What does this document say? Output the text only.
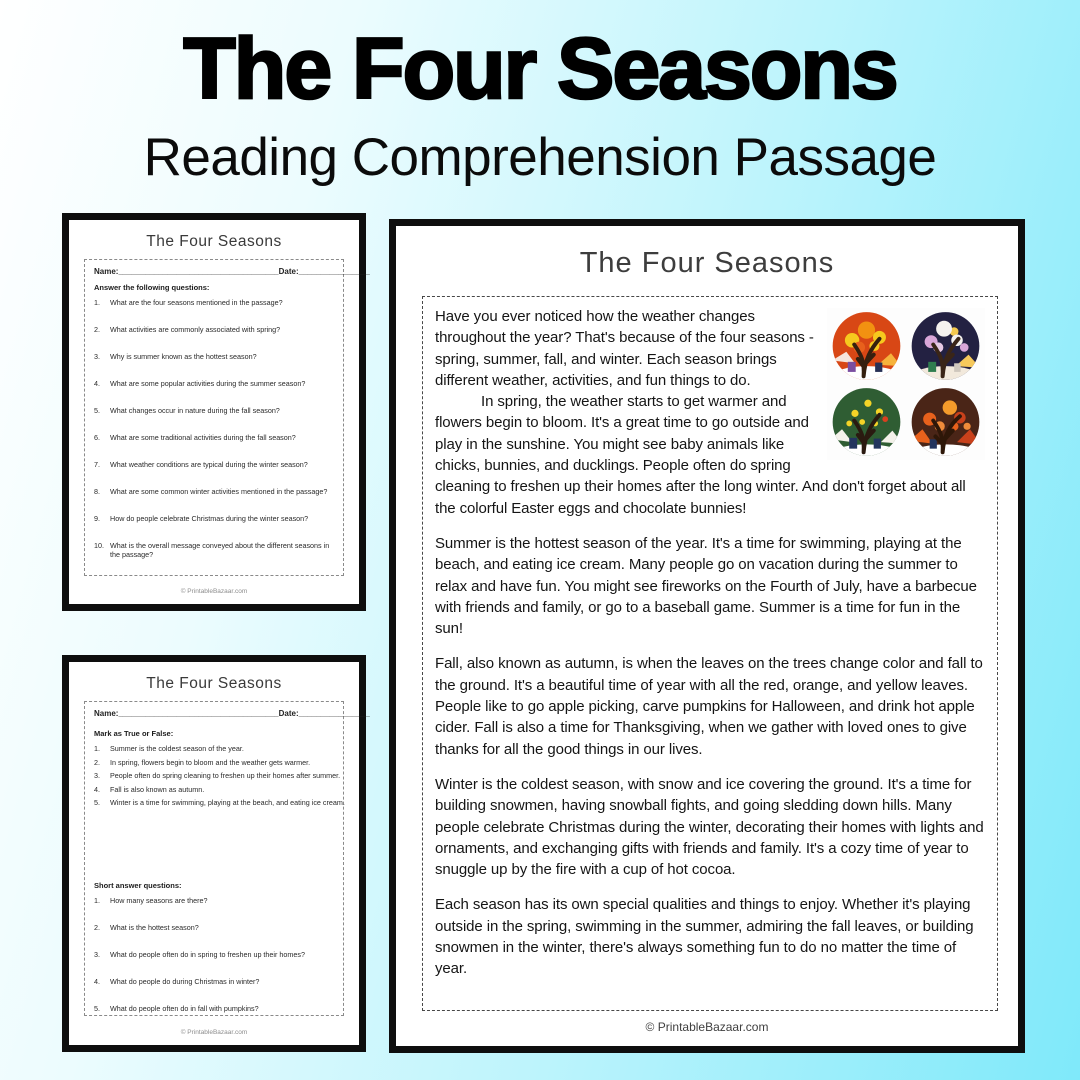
The Four Seasons
Reading Comprehension Passage
The Four Seasons
Name:____________________________________ Date:________________
Answer the following questions:
What are the four seasons mentioned in the passage?
What activities are commonly associated with spring?
Why is summer known as the hottest season?
What are some popular activities during the summer season?
What changes occur in nature during the fall season?
What are some traditional activities during the fall season?
What weather conditions are typical during the winter season?
What are some common winter activities mentioned in the passage?
How do people celebrate Christmas during the winter season?
What is the overall message conveyed about the different seasons in the passage?
© PrintableBazaar.com
The Four Seasons
Name:____________________________________ Date:________________
Mark as True or False:
Summer is the coldest season of the year.
In spring, flowers begin to bloom and the weather gets warmer.
People often do spring cleaning to freshen up their homes after summer.
Fall is also known as autumn.
Winter is a time for swimming, playing at the beach, and eating ice cream.
Short answer questions:
How many seasons are there?
What is the hottest season?
What do people often do in spring to freshen up their homes?
What do people do during Christmas in winter?
What do people often do in fall with pumpkins?
© PrintableBazaar.com
The Four Seasons

Have you ever noticed how the weather changes throughout the year? That's because of the four seasons - spring, summer, fall, and winter. Each season brings different weather, activities, and fun things to do.

In spring, the weather starts to get warmer and flowers begin to bloom. It's a great time to go outside and play in the sunshine. You might see baby animals like chicks, bunnies, and ducklings. People often do spring cleaning to freshen up their homes after the long winter. And don't forget about all the colorful Easter eggs and chocolate bunnies!

Summer is the hottest season of the year. It's a time for swimming, playing at the beach, and eating ice cream. Many people go on vacation during the summer to relax and have fun. You might see fireworks on the Fourth of July, have a barbecue with friends and family, or go to a baseball game. Summer is a time for fun in the sun!

Fall, also known as autumn, is when the leaves on the trees change color and fall to the ground. It's a beautiful time of year with all the red, orange, and yellow leaves. People like to go apple picking, carve pumpkins for Halloween, and drink hot apple cider. Fall is also a time for Thanksgiving, when we gather with loved ones to give thanks for all the good things in our lives.

Winter is the coldest season, with snow and ice covering the ground. It's a time for building snowmen, having snowball fights, and going sledding down hills. Many people celebrate Christmas during the winter, decorating their homes with lights and ornaments, and exchanging gifts with friends and family. It's a cozy time of year to snuggle up by the fire with a cup of hot cocoa.

Each season has its own special qualities and things to enjoy. Whether it's playing outside in the spring, swimming in the summer, admiring the fall leaves, or building snowmen in the winter, there's always something fun to do no matter the time of year.

© PrintableBazaar.com
